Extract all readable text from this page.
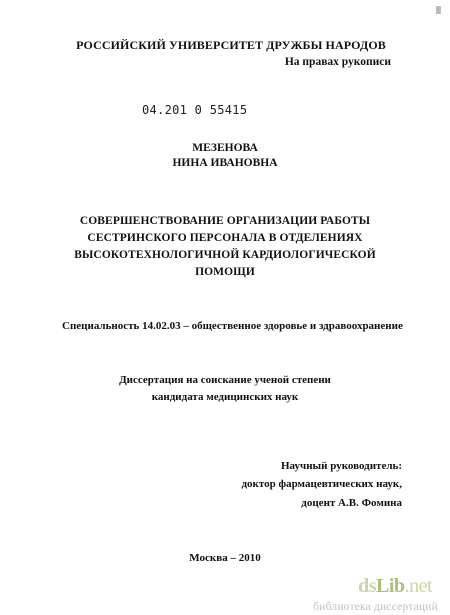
РОССИЙСКИЙ УНИВЕРСИТЕТ ДРУЖБЫ НАРОДОВ
На правах рукописи
04.201 0 55415
МЕЗЕНОВА
НИНА ИВАНОВНА
СОВЕРШЕНСТВОВАНИЕ ОРГАНИЗАЦИИ РАБОТЫ
СЕСТРИНСКОГО ПЕРСОНАЛА В ОТДЕЛЕНИЯХ
ВЫСОКОТЕХНОЛОГИЧНОЙ КАРДИОЛОГИЧЕСКОЙ
ПОМОЩИ
Специальность 14.02.03 – общественное здоровье и здравоохранение
Диссертация на соискание ученой степени
кандидата медицинских наук
Научный руководитель:
доктор фармацевтических наук,
доцент А.В. Фомина
Москва – 2010
dsLib.net
библиотека диссертаций
